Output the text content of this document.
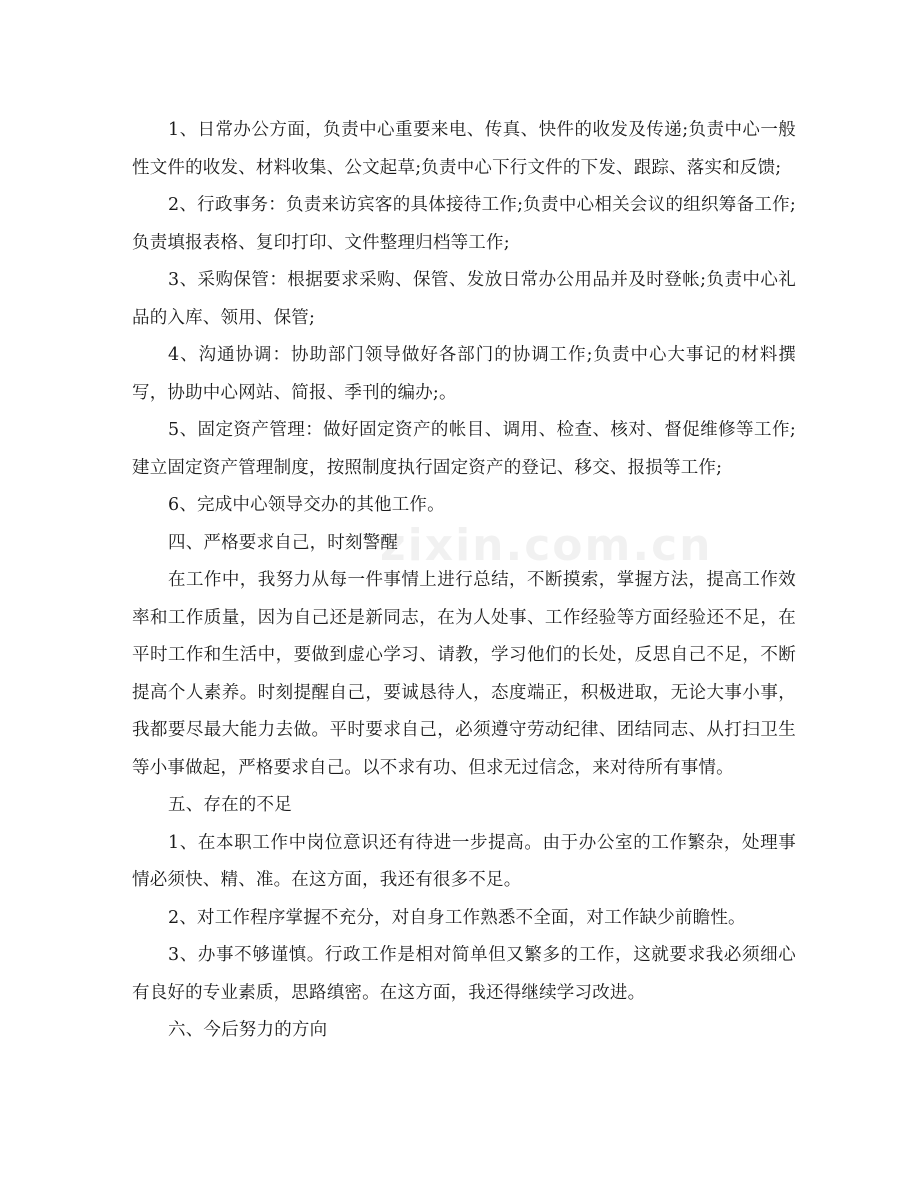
1、日常办公方面，负责中心重要来电、传真、快件的收发及传递;负责中心一般性文件的收发、材料收集、公文起草;负责中心下行文件的下发、跟踪、落实和反馈;

2、行政事务：负责来访宾客的具体接待工作;负责中心相关会议的组织筹备工作;负责填报表格、复印打印、文件整理归档等工作;

3、采购保管：根据要求采购、保管、发放日常办公用品并及时登帐;负责中心礼品的入库、领用、保管;

4、沟通协调：协助部门领导做好各部门的协调工作;负责中心大事记的材料撰写，协助中心网站、简报、季刊的编办;。

5、固定资产管理：做好固定资产的帐目、调用、检查、核对、督促维修等工作;建立固定资产管理制度，按照制度执行固定资产的登记、移交、报损等工作;

6、完成中心领导交办的其他工作。

四、严格要求自己，时刻警醒

在工作中，我努力从每一件事情上进行总结，不断摸索，掌握方法，提高工作效率和工作质量，因为自己还是新同志，在为人处事、工作经验等方面经验还不足，在平时工作和生活中，要做到虚心学习、请教，学习他们的长处，反思自己不足，不断提高个人素养。时刻提醒自己，要诚恳待人，态度端正，积极进取，无论大事小事，我都要尽最大能力去做。平时要求自己，必须遵守劳动纪律、团结同志、从打扫卫生等小事做起，严格要求自己。以不求有功、但求无过信念，来对待所有事情。

五、存在的不足

1、在本职工作中岗位意识还有待进一步提高。由于办公室的工作繁杂，处理事情必须快、精、准。在这方面，我还有很多不足。

2、对工作程序掌握不充分，对自身工作熟悉不全面，对工作缺少前瞻性。

3、办事不够谨慎。行政工作是相对简单但又繁多的工作，这就要求我必须细心有良好的专业素质，思路缜密。在这方面，我还得继续学习改进。

六、今后努力的方向

zixin.com.cn
